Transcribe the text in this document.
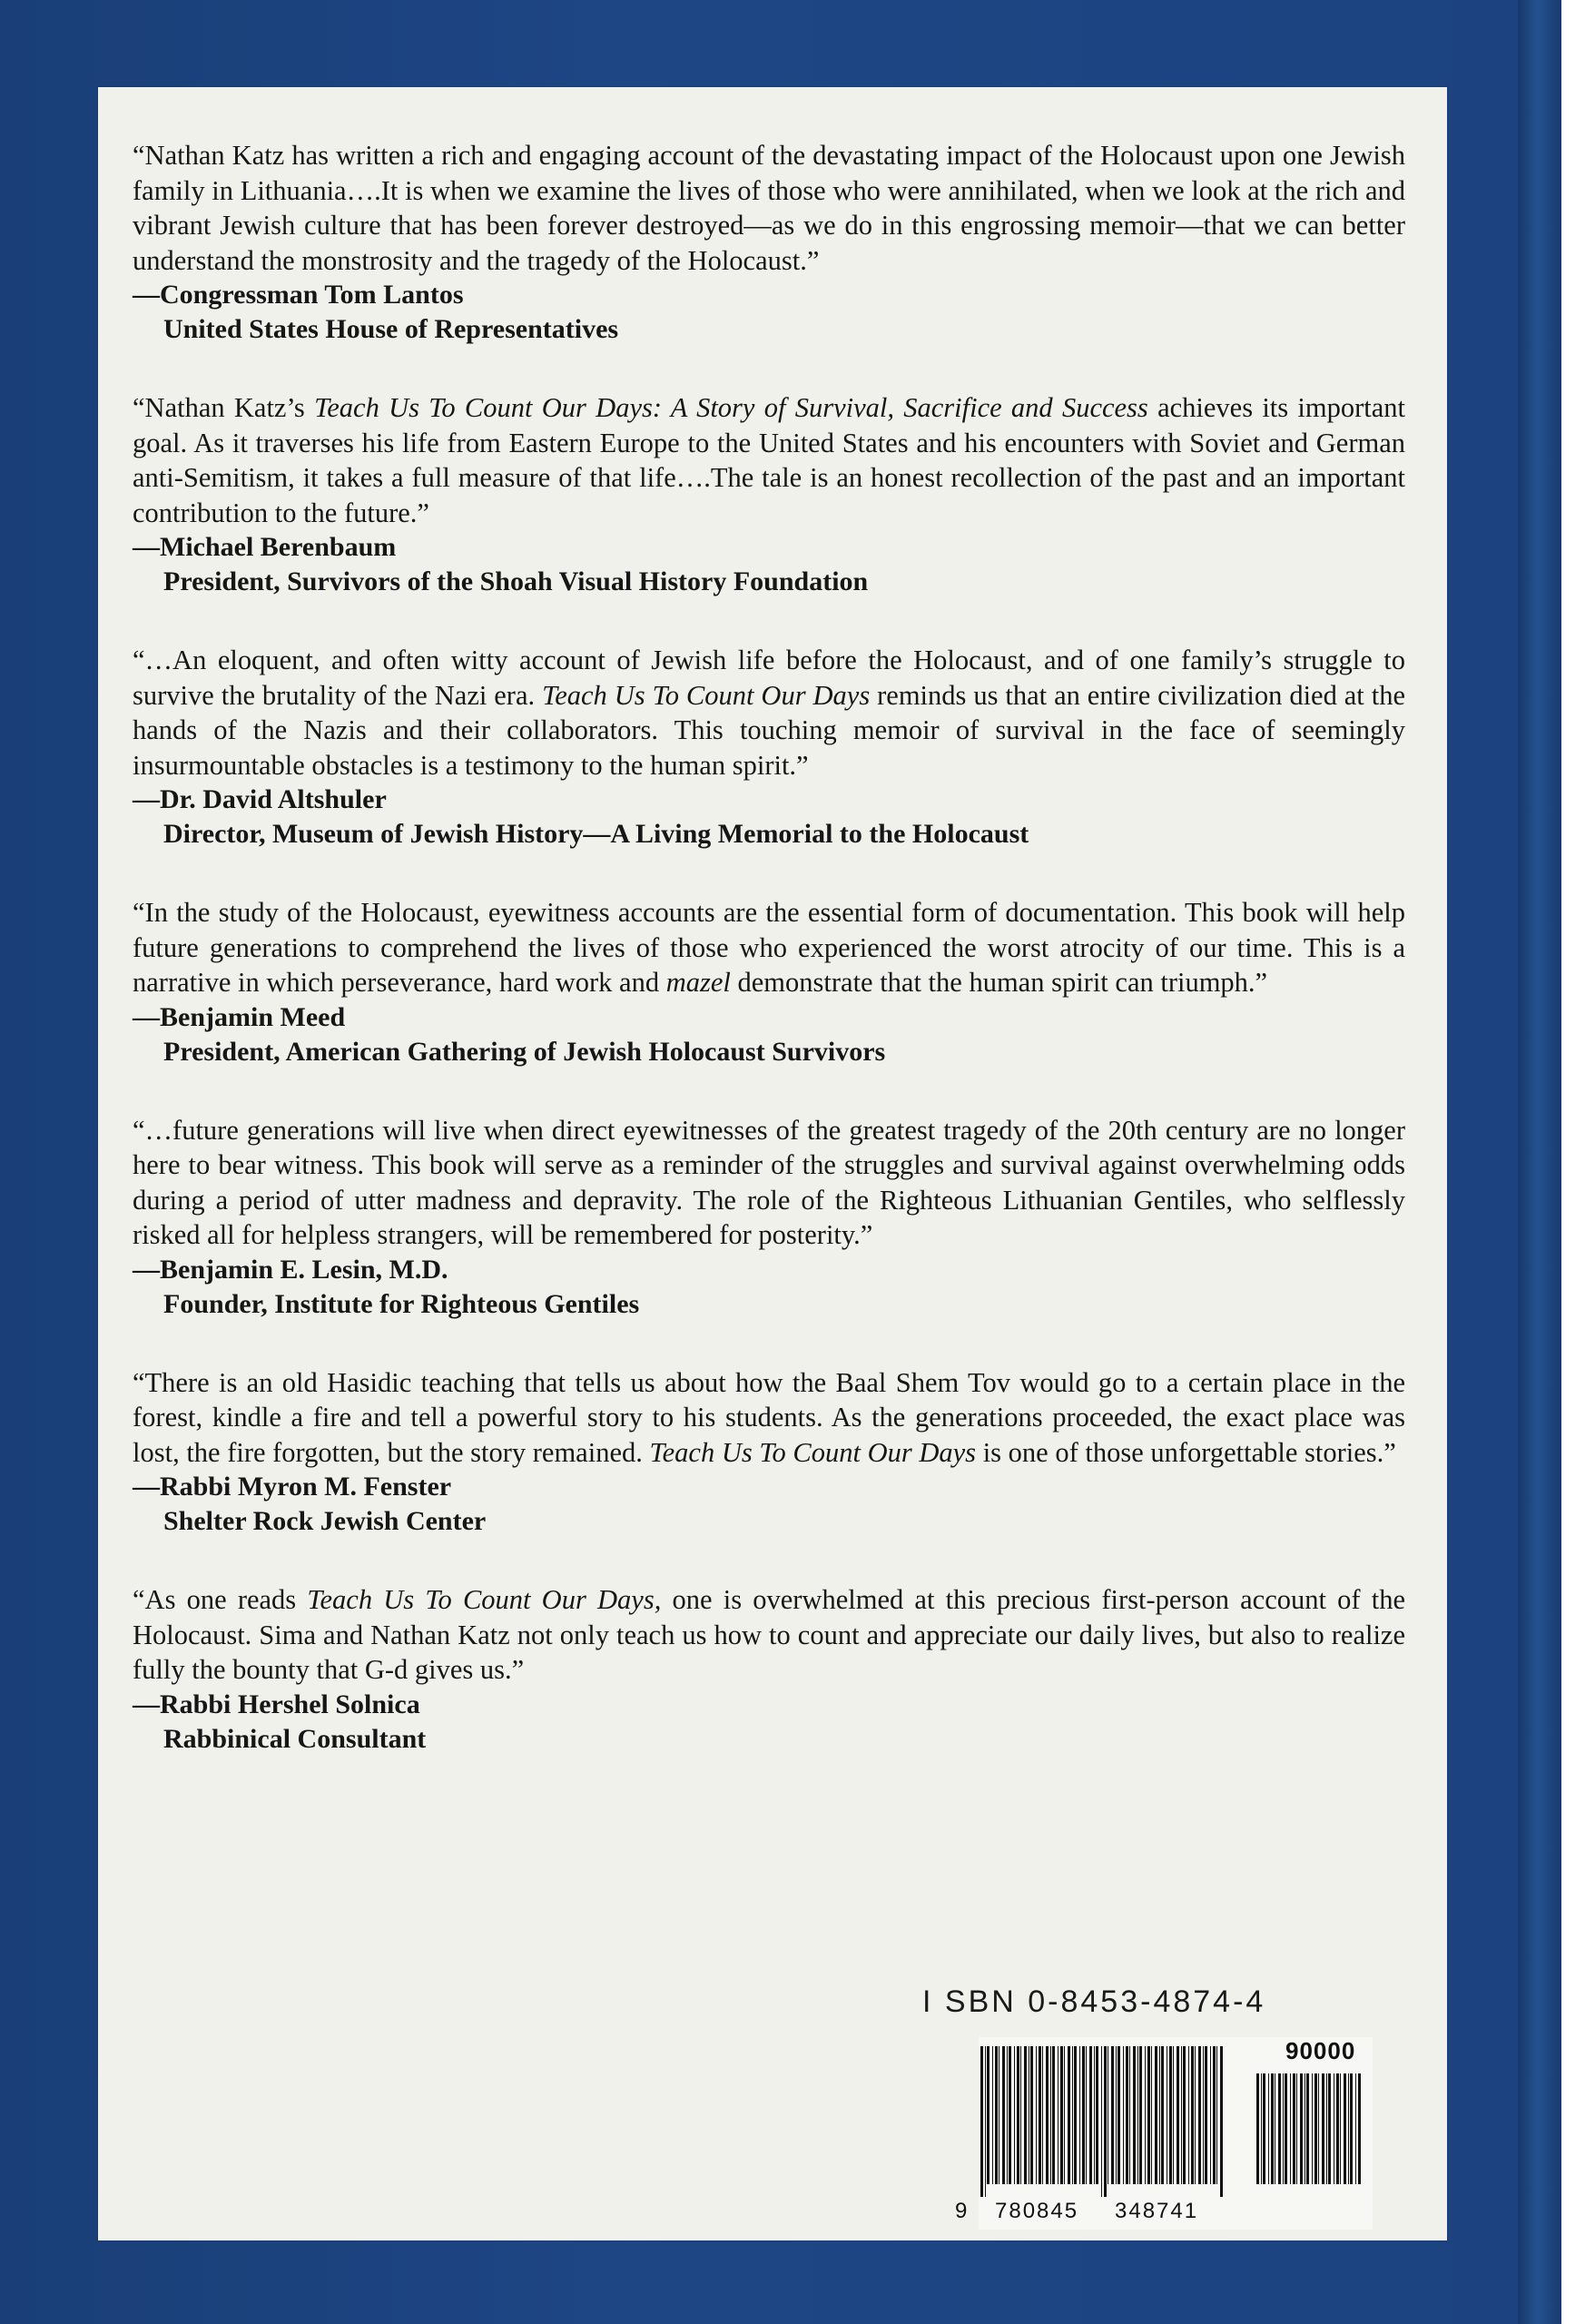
“Nathan Katz has written a rich and engaging account of the devastating impact of the Holocaust upon one Jewish family in Lithuania….It is when we examine the lives of those who were annihilated, when we look at the rich and vibrant Jewish culture that has been forever destroyed—as we do in this engrossing memoir—that we can better understand the monstrosity and the tragedy of the Holocaust.”

—Congressman Tom Lantos

United States House of Representatives

“Nathan Katz’s Teach Us To Count Our Days: A Story of Survival, Sacrifice and Success achieves its important goal. As it traverses his life from Eastern Europe to the United States and his encounters with Soviet and German anti-Semitism, it takes a full measure of that life….The tale is an honest recollection of the past and an important contribution to the future.”

—Michael Berenbaum

President, Survivors of the Shoah Visual History Foundation

“…An eloquent, and often witty account of Jewish life before the Holocaust, and of one family’s struggle to survive the brutality of the Nazi era. Teach Us To Count Our Days reminds us that an entire civilization died at the hands of the Nazis and their collaborators. This touching memoir of survival in the face of seemingly insurmountable obstacles is a testimony to the human spirit.”

—Dr. David Altshuler

Director, Museum of Jewish History—A Living Memorial to the Holocaust

“In the study of the Holocaust, eyewitness accounts are the essential form of documentation. This book will help future generations to comprehend the lives of those who experienced the worst atrocity of our time. This is a narrative in which perseverance, hard work and mazel demonstrate that the human spirit can triumph.”

—Benjamin Meed

President, American Gathering of Jewish Holocaust Survivors

“…future generations will live when direct eyewitnesses of the greatest tragedy of the 20th century are no longer here to bear witness. This book will serve as a reminder of the struggles and survival against overwhelming odds during a period of utter madness and depravity. The role of the Righteous Lithuanian Gentiles, who selflessly risked all for helpless strangers, will be remembered for posterity.”

—Benjamin E. Lesin, M.D.

Founder, Institute for Righteous Gentiles

“There is an old Hasidic teaching that tells us about how the Baal Shem Tov would go to a certain place in the forest, kindle a fire and tell a powerful story to his students. As the generations proceeded, the exact place was lost, the fire forgotten, but the story remained. Teach Us To Count Our Days is one of those unforgettable stories.”

—Rabbi Myron M. Fenster

Shelter Rock Jewish Center

“As one reads Teach Us To Count Our Days, one is overwhelmed at this precious first-person account of the Holocaust. Sima and Nathan Katz not only teach us how to count and appreciate our daily lives, but also to realize fully the bounty that G-d gives us.”

—Rabbi Hershel Solnica

Rabbinical Consultant

I SBN 0-8453-4874-4
90000
9 780845 348741
